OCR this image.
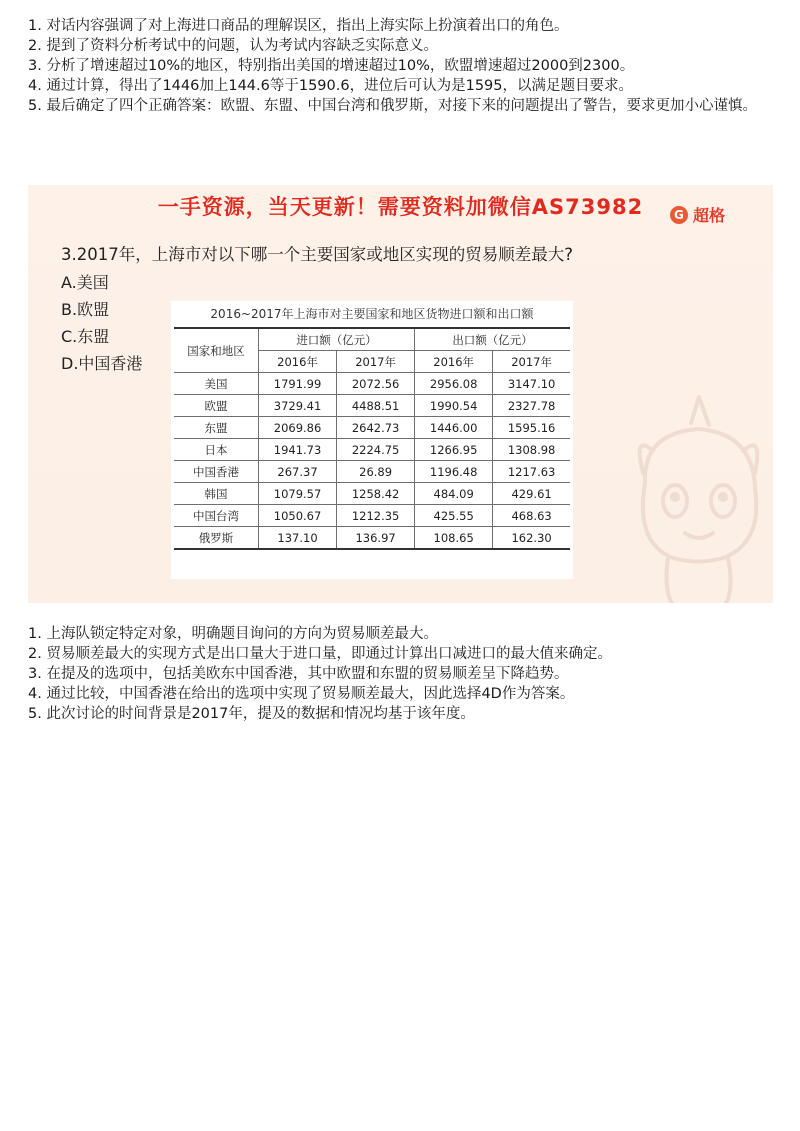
1. 对话内容强调了对上海进口商品的理解误区，指出上海实际上扮演着出口的角色。
2. 提到了资料分析考试中的问题，认为考试内容缺乏实际意义。
3. 分析了增速超过10%的地区，特别指出美国的增速超过10%，欧盟增速超过2000到2300。
4. 通过计算，得出了1446加上144.6等于1590.6，进位后可认为是1595，以满足题目要求。
5. 最后确定了四个正确答案：欧盟、东盟、中国台湾和俄罗斯，对接下来的问题提出了警告，要求更加小心谨慎。
一手资源，当天更新！需要资料加微信AS73982	G 超格
3.2017年，上海市对以下哪一个主要国家或地区实现的贸易顺差最大?
A.美国
B.欧盟
C.东盟
D.中国香港
2016~2017年上海市对主要国家和地区货物进口额和出口额
国家和地区	进口额（亿元）		出口额（亿元）	
	2016年	2017年	2016年	2017年
美国	1791.99	2072.56	2956.08	3147.10
欧盟	3729.41	4488.51	1990.54	2327.78
东盟	2069.86	2642.73	1446.00	1595.16
日本	1941.73	2224.75	1266.95	1308.98
中国香港	267.37	26.89	1196.48	1217.63
韩国	1079.57	1258.42	484.09	429.61
中国台湾	1050.67	1212.35	425.55	468.63
俄罗斯	137.10	136.97	108.65	162.30
1. 上海队锁定特定对象，明确题目询问的方向为贸易顺差最大。
2. 贸易顺差最大的实现方式是出口量大于进口量，即通过计算出口减进口的最大值来确定。
3. 在提及的选项中，包括美欧东中国香港，其中欧盟和东盟的贸易顺差呈下降趋势。
4. 通过比较，中国香港在给出的选项中实现了贸易顺差最大，因此选择4D作为答案。
5. 此次讨论的时间背景是2017年，提及的数据和情况均基于该年度。
